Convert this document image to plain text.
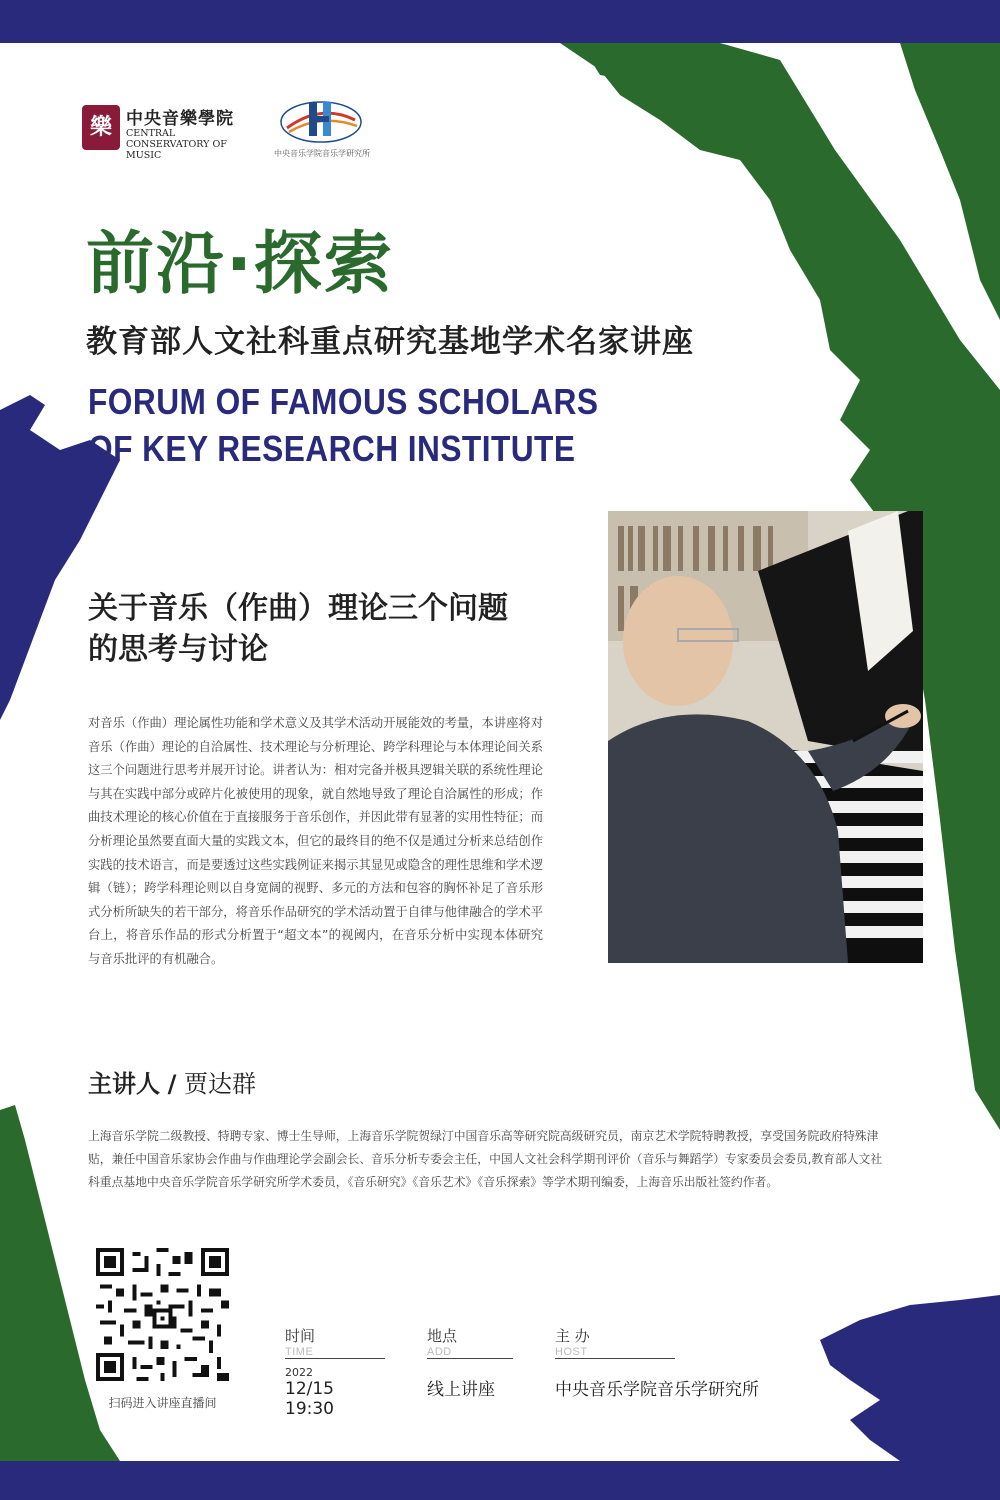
樂 中央音樂學院
CENTRAL CONSERVATORY OF MUSIC	中央音乐学院音乐学研究所
前沿·探索
教育部人文社科重点研究基地学术名家讲座
FORUM OF FAMOUS SCHOLARS OF KEY RESEARCH INSTITUTE
关于音乐（作曲）理论三个问题
的思考与讨论
对音乐（作曲）理论属性功能和学术意义及其学术活动开展能效的考量，本讲座将对音乐（作曲）理论的自洽属性、技术理论与分析理论、跨学科理论与本体理论间关系这三个问题进行思考并展开讨论。讲者认为：相对完备并极具逻辑关联的系统性理论与其在实践中部分或碎片化被使用的现象，就自然地导致了理论自洽属性的形成；作曲技术理论的核心价值在于直接服务于音乐创作，并因此带有显著的实用性特征；而分析理论虽然要直面大量的实践文本，但它的最终目的绝不仅是通过分析来总结创作实践的技术语言，而是要透过这些实践例证来揭示其显见或隐含的理性思维和学术逻辑（链）；跨学科理论则以自身宽阔的视野、多元的方法和包容的胸怀补足了音乐形式分析所缺失的若干部分，将音乐作品研究的学术活动置于自律与他律融合的学术平台上，将音乐作品的形式分析置于“超文本”的视阈内，在音乐分析中实现本体研究与音乐批评的有机融合。
主讲人 / 贾达群
上海音乐学院二级教授、特聘专家、博士生导师，上海音乐学院贺绿汀中国音乐高等研究院高级研究员，南京艺术学院特聘教授，享受国务院政府特殊津贴，兼任中国音乐家协会作曲与作曲理论学会副会长、音乐分析专委会主任，中国人文社会科学期刊评价（音乐与舞蹈学）专家委员会委员,教育部人文社科重点基地中央音乐学院音乐学研究所学术委员，《音乐研究》《音乐艺术》《音乐探索》等学术期刊编委，上海音乐出版社签约作者。
扫码进入讲座直播间
时间
TIME
2022
12/15 19:30
地点
ADD
线上讲座
主 办
HOST
中央音乐学院音乐学研究所
